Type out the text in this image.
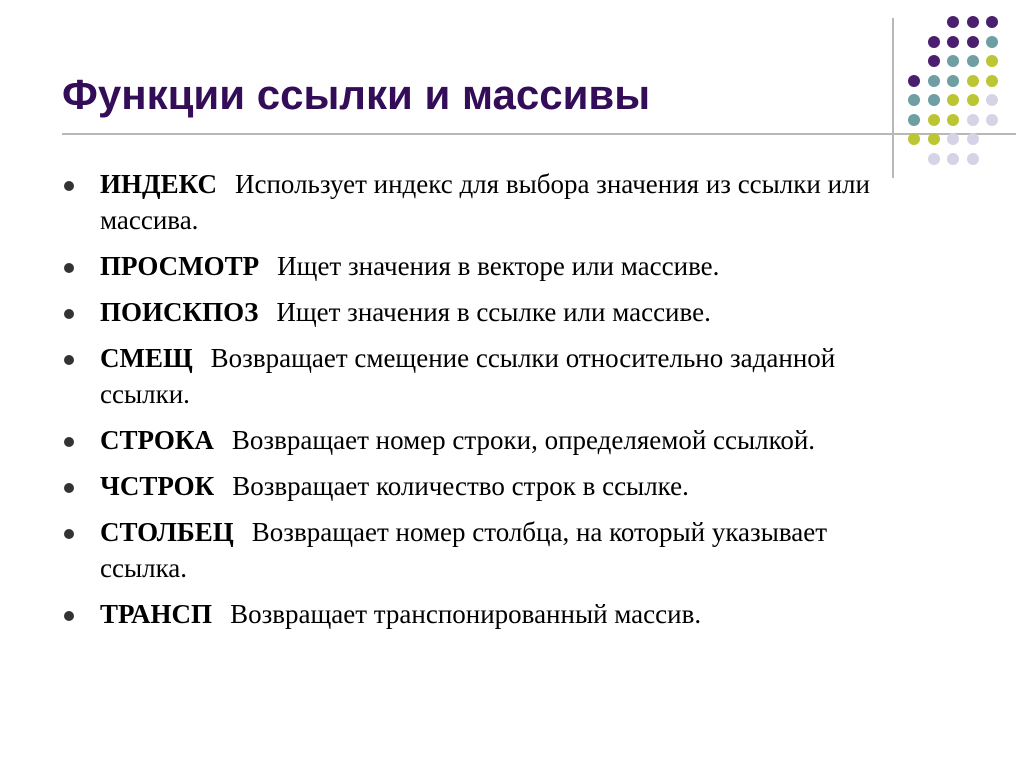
Функции ссылки и массивы
ИНДЕКС Использует индекс для выбора значения из ссылки или массива.
ПРОСМОТР Ищет значения в векторе или массиве.
ПОИСКПОЗ Ищет значения в ссылке или массиве.
СМЕЩ Возвращает смещение ссылки относительно заданной ссылки.
СТРОКА Возвращает номер строки, определяемой ссылкой.
ЧСТРОК Возвращает количество строк в ссылке.
СТОЛБЕЦ Возвращает номер столбца, на который указывает ссылка.
ТРАНСП Возвращает транспонированный массив.
